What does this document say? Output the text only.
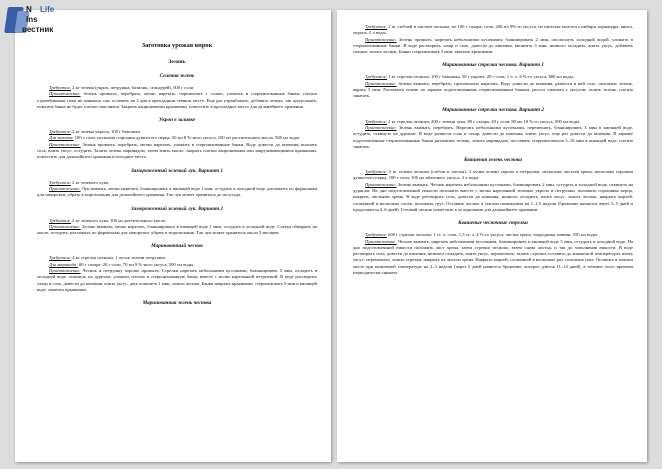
N Life
Ins
вестник
Заготовка урожая впрок
Зелень
Соленая зелень

Требуется: 2 кг зелени (укроп, петрушка, базилик, сельдерей), 500 г соли.

Приготовление. Зелень промыть, перебрать, мелко нарезать, перемешать с солью, уложить в стерилизованные банки, плотно утрамбовывая, пока не появится сок; оставить на 2 дня в прохладном темном месте. Еще раз утрамбовать, добавить зелень, так продолжать, пока вся банка не будет плотно заполнена. Закрыть капроновыми крышками, поместить в прохладное место для дальнейшего хранения.

Укроп в заливке

Требуется: 2 кг зелени укропа, 100 г базилика.

Для заливки: 100 г соли, несколько горошин душистого перца, 50 мл 8 %-ного уксуса, 100 мл растительного масла, 500 мл воды.

Приготовление. Зелень промыть, перебрать, мелко нарезать, уложить в стерилизованные банки. Воду довести до кипения, всыпать соль, влить уксус, остудить. Залить зелень маринадом, затем влить масло, закрыть плотно капроновыми или закручивающимися крышками, поместить для дальнейшего хранения в холодное место.

Замороженный зеленый лук. Вариант 1

Требуется: 2 кг зеленого лука.

Приготовление. Лук вымыть, мелко нарезать, бланшировать в кипящей воде 1 мин, остудить в холодной воде, разложить по формочкам для заморозки, убрать в морозильник для дальнейшего хранения. Так лук может храниться до полугода.

Замороженный зеленый лук. Вариант 2

Требуется: 2 кг зеленого лука, 100 мл растительного масла.

Приготовление. Зелень вымыть, мелко нарезать, бланшировать в кипящей воде 1 мин, остудить в холодной воде. Слегка обжарить на масле, остудить, разложить по формочкам для заморозки, убрать в морозильник. Так лук может храниться около 3 месяцев.

Маринованный чеснок

Требуется: 2 кг стрелок чеснока, 1 пучок зелени петрушки.

Для маринада: 80 г сахара, 20 г соли, 70 мл 9 %-ного уксуса, 500 мл воды.

Приготовление. Чеснок и петрушку хорошо промыть. Стрелки нарезать небольшими кусочками, бланшировать 5 мин, охладить в холодной воде, откинуть на дуршлаг, уложить плотно в стерилизованную банку вместе с мелко нарезанной петрушкой. В воде растворить сахар и соль, довести до кипения, влить уксус, дать покипеть 1 мин, залить чеснок. Банки накрыть крышками, стерилизовать 5 мин в кипящей воде, закатать крышками.

Маринованная зелень чеснока

Требуется: 2 кг стеблей и листьев чеснока, по 100 г сахара, соли, 200 мл 9%-го уксуса, по щепотке молотого имбиря, кориандра, аниса, укропа, 2 л воды.

Приготовление. Зелень промыть, нарезать небольшими кусочками, бланшировать 2 мин, ополоснуть холодной водой, уложить в стерилизованные банки. В воде растворить сахар и соль, довести до кипения, кипятить 3 мин, немного охладить, влить уксус, добавить специи, залить чеснок. Банки стерилизовать 5 мин, закатать крышками.

Маринованные стрелки чеснока. Вариант 1

Требуется: 1 кг стрелок чеснока, 100 г базилика, 50 г укропа, 20 г соли, 1 ч. л. 6 %-го уксуса, 800 мл воды.

Приготовление. Зелень вымыть, перебрать, произвольно нарезать. Воду довести до кипения, развести в ней соль, положить зелень, варить 5 мин. Разложить зелень по заранее подготовленным стерилизованным банкам, рассол смешать с уксусом, залить зелень, плотно закатать.

Маринованные стрелки чеснока. Вариант 2

Требуется: 2 кг стрелок чеснока, 200 г зелени лука, 80 г сахара, 20 г соли, 80 мл 10 %-го уксуса, 500 мл воды.

Приготовление. Зелень вымыть, перебрать. Нарезать небольшими кусочками, перемешать, бланшировать 3 мин в кипящей воде, остудить, откинуть на дуршлаг. В воде развести соль и сахар, довести до кипения, влить уксус, еще раз довести до кипения. В заранее подготовленные стерилизованные банки разложить зелень, залить маринадом, поставить стерилизоваться 5–10 мин в кипящей воде, плотно закатать.

Квашеная зелень чеснока

Требуется: 3 кг зелени чеснока (стебли и листья), 2 пучка зелени укропа и петрушки, несколько листьев хрена, несколько горошин душистого перца, 100 г соли, 100 мл яблочного уксуса, 2 л воды.

Приготовление. Зелень вымыть. Чеснок нарезать небольшими кусочками, бланшировать 2 мин, остудить в холодной воде, откинуть на дуршлаг. На дно подготовленной емкости положить вместе с мелко нарезанной зеленью укропа и петрушки, положить горошины перца, накрыть листьями хрена. В воде растворить соль, довести до кипения, немного охладить, влить уксус, залить чеснок, накрыть марлей, сложенной в несколько слоев, положить груз. Оставить чеснок в теплом помещении на 1–1,5 недели (брожение начнется через 3–5 дней и продолжится 4–6 дней). Готовый чеснок поместить в холодильник для дальнейшего хранения.

Квашеные чесночные стрелки

Требуется: 600 г стрелок чеснока, 1 ст. л. соли, 1,5 ст. л. 4 %-го уксуса, листья хрена, смородины, вишни, 350 мл воды.

Приготовление. Чеснок вымыть, нарезать небольшими кусочками, бланшировать в кипящей воде 5 мин, остудить в холодной воде. На дно подготовленной емкости положить лист хрена, затем стрелки чеснока, затем снова листья, и так до заполнения емкости. В воде растворить соль, довести до кипения, немного охладить, влить уксус, перемешать, залить стрелки, оставить до комнатной температуры, влить уксус, перемешать, залить стрелки, накрыть их листом хрена. Накрыть марлей, сложенной в несколько раз, положить гнет. Оставить в темном месте при комнатной температуре на 2–3 недели (через 5 дней начнется брожение, которое длится 11–14 дней), в течение этого времени периодически снимать
